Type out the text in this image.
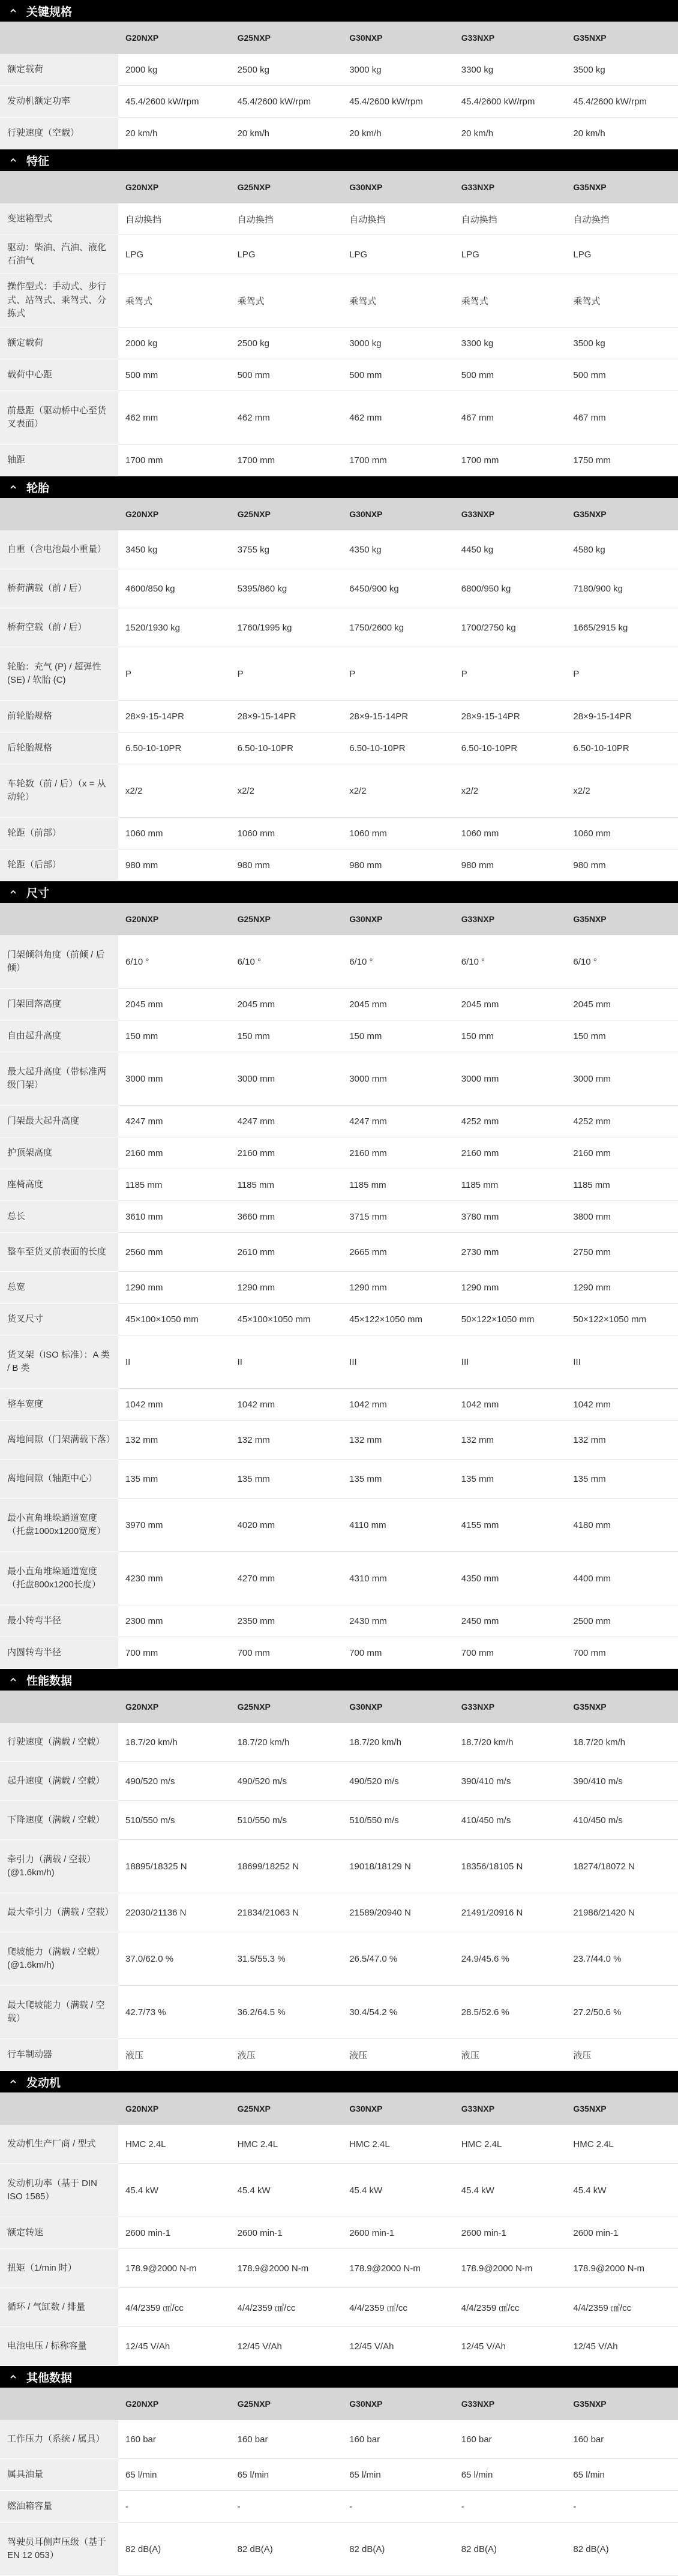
关键规格
	G20NXP	G25NXP	G30NXP	G33NXP	G35NXP
额定载荷	2000 kg	2500 kg	3000 kg	3300 kg	3500 kg
发动机额定功率	45.4/2600 kW/rpm	45.4/2600 kW/rpm	45.4/2600 kW/rpm	45.4/2600 kW/rpm	45.4/2600 kW/rpm
行驶速度（空载）	20 km/h	20 km/h	20 km/h	20 km/h	20 km/h
特征
	G20NXP	G25NXP	G30NXP	G33NXP	G35NXP
变速箱型式	自动换挡	自动换挡	自动换挡	自动换挡	自动换挡
驱动：柴油、汽油、液化石油气	LPG	LPG	LPG	LPG	LPG
操作型式：手动式、步行式、站驾式、乘驾式、分拣式	乘驾式	乘驾式	乘驾式	乘驾式	乘驾式
额定载荷	2000 kg	2500 kg	3000 kg	3300 kg	3500 kg
载荷中心距	500 mm	500 mm	500 mm	500 mm	500 mm
前悬距（驱动桥中心至货叉表面）	462 mm	462 mm	462 mm	467 mm	467 mm
轴距	1700 mm	1700 mm	1700 mm	1700 mm	1750 mm
轮胎
	G20NXP	G25NXP	G30NXP	G33NXP	G35NXP
自重（含电池最小重量）	3450 kg	3755 kg	4350 kg	4450 kg	4580 kg
桥荷满载（前 / 后）	4600/850 kg	5395/860 kg	6450/900 kg	6800/950 kg	7180/900 kg
桥荷空载（前 / 后）	1520/1930 kg	1760/1995 kg	1750/2600 kg	1700/2750 kg	1665/2915 kg
轮胎：充气 (P) / 超弹性 (SE) / 软胎 (C)	P	P	P	P	P
前轮胎规格	28×9-15-14PR	28×9-15-14PR	28×9-15-14PR	28×9-15-14PR	28×9-15-14PR
后轮胎规格	6.50-10-10PR	6.50-10-10PR	6.50-10-10PR	6.50-10-10PR	6.50-10-10PR
车轮数（前 / 后）（x = 从动轮）	x2/2	x2/2	x2/2	x2/2	x2/2
轮距（前部）	1060 mm	1060 mm	1060 mm	1060 mm	1060 mm
轮距（后部）	980 mm	980 mm	980 mm	980 mm	980 mm
尺寸
	G20NXP	G25NXP	G30NXP	G33NXP	G35NXP
门架倾斜角度（前倾 / 后倾）	6/10 °	6/10 °	6/10 °	6/10 °	6/10 °
门架回落高度	2045 mm	2045 mm	2045 mm	2045 mm	2045 mm
自由起升高度	150 mm	150 mm	150 mm	150 mm	150 mm
最大起升高度（带标准两级门架）	3000 mm	3000 mm	3000 mm	3000 mm	3000 mm
门架最大起升高度	4247 mm	4247 mm	4247 mm	4252 mm	4252 mm
护顶架高度	2160 mm	2160 mm	2160 mm	2160 mm	2160 mm
座椅高度	1185 mm	1185 mm	1185 mm	1185 mm	1185 mm
总长	3610 mm	3660 mm	3715 mm	3780 mm	3800 mm
整车至货叉前表面的长度	2560 mm	2610 mm	2665 mm	2730 mm	2750 mm
总宽	1290 mm	1290 mm	1290 mm	1290 mm	1290 mm
货叉尺寸	45×100×1050 mm	45×100×1050 mm	45×122×1050 mm	50×122×1050 mm	50×122×1050 mm
货叉架（ISO 标准）：A 类 / B 类	II	II	III	III	III
整车宽度	1042 mm	1042 mm	1042 mm	1042 mm	1042 mm
离地间隙（门架满载下落）	132 mm	132 mm	132 mm	132 mm	132 mm
离地间隙（轴距中心）	135 mm	135 mm	135 mm	135 mm	135 mm
最小直角堆垛通道宽度（托盘1000x1200宽度）	3970 mm	4020 mm	4110 mm	4155 mm	4180 mm
最小直角堆垛通道宽度（托盘800x1200长度）	4230 mm	4270 mm	4310 mm	4350 mm	4400 mm
最小转弯半径	2300 mm	2350 mm	2430 mm	2450 mm	2500 mm
内圆转弯半径	700 mm	700 mm	700 mm	700 mm	700 mm
性能数据
	G20NXP	G25NXP	G30NXP	G33NXP	G35NXP
行驶速度（满载 / 空载）	18.7/20 km/h	18.7/20 km/h	18.7/20 km/h	18.7/20 km/h	18.7/20 km/h
起升速度（满载 / 空载）	490/520 m/s	490/520 m/s	490/520 m/s	390/410 m/s	390/410 m/s
下降速度（满载 / 空载）	510/550 m/s	510/550 m/s	510/550 m/s	410/450 m/s	410/450 m/s
牵引力（满载 / 空载）(@1.6km/h)	18895/18325 N	18699/18252 N	19018/18129 N	18356/18105 N	18274/18072 N
最大牵引力（满载 / 空载）	22030/21136 N	21834/21063 N	21589/20940 N	21491/20916 N	21986/21420 N
爬坡能力（满载 / 空载）(@1.6km/h)	37.0/62.0 %	31.5/55.3 %	26.5/47.0 %	24.9/45.6 %	23.7/44.0 %
最大爬坡能力（满载 / 空载）	42.7/73 %	36.2/64.5 %	30.4/54.2 %	28.5/52.6 %	27.2/50.6 %
行车制动器	液压	液压	液压	液压	液压
发动机
	G20NXP	G25NXP	G30NXP	G33NXP	G35NXP
发动机生产厂商 / 型式	HMC 2.4L	HMC 2.4L	HMC 2.4L	HMC 2.4L	HMC 2.4L
发动机功率（基于 DIN ISO 1585）	45.4 kW	45.4 kW	45.4 kW	45.4 kW	45.4 kW
额定转速	2600 min-1	2600 min-1	2600 min-1	2600 min-1	2600 min-1
扭矩（1/min 时）	178.9@2000 N-m	178.9@2000 N-m	178.9@2000 N-m	178.9@2000 N-m	178.9@2000 N-m
循环 / 气缸数 / 排量	4/4/2359 ㎤/cc	4/4/2359 ㎤/cc	4/4/2359 ㎤/cc	4/4/2359 ㎤/cc	4/4/2359 ㎤/cc
电池电压 / 标称容量	12/45 V/Ah	12/45 V/Ah	12/45 V/Ah	12/45 V/Ah	12/45 V/Ah
其他数据
	G20NXP	G25NXP	G30NXP	G33NXP	G35NXP
工作压力（系统 / 属具）	160 bar	160 bar	160 bar	160 bar	160 bar
属具油量	65 l/min	65 l/min	65 l/min	65 l/min	65 l/min
燃油箱容量	-	-	-	-	-
驾驶员耳侧声压级（基于 EN 12 053）	82 dB(A)	82 dB(A)	82 dB(A)	82 dB(A)	82 dB(A)
